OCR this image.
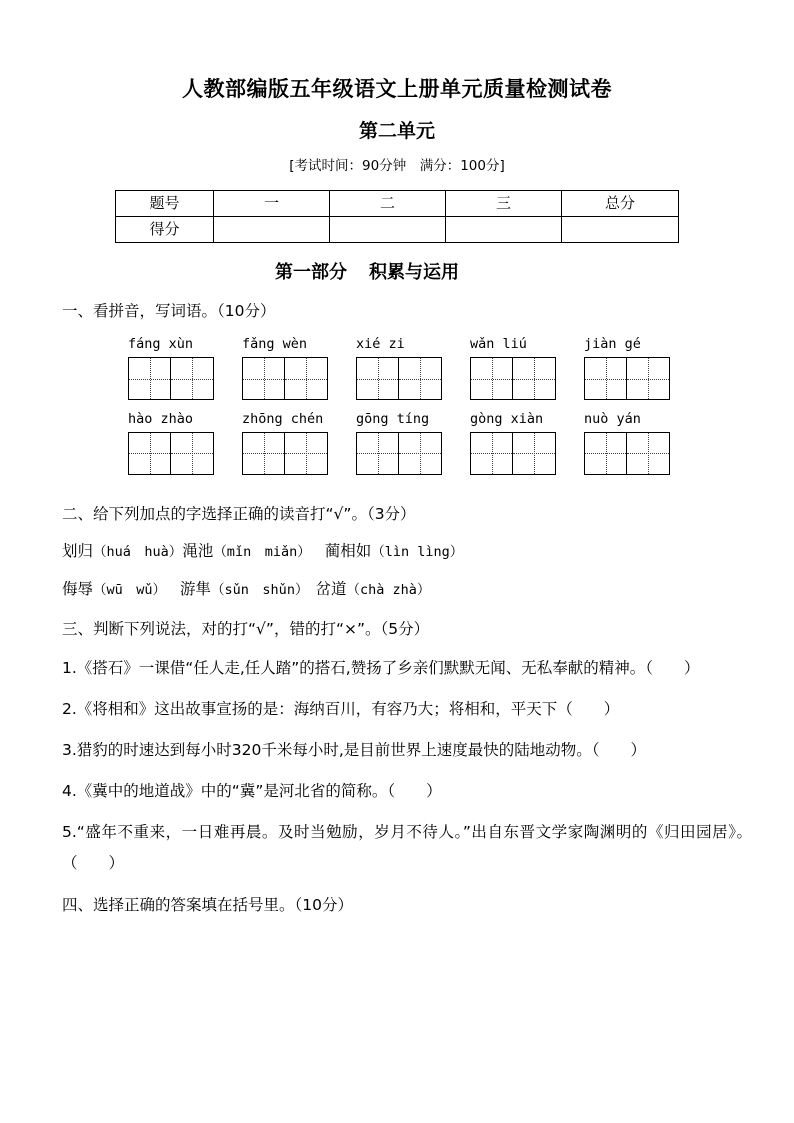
人教部编版五年级语文上册单元质量检测试卷
第二单元

[考试时间：90分钟　满分：100分]

题号	一	二	三	总分
得分				
第一部分 积累与运用

一、看拼音，写词语。（10分）

fáng xùn	fǎng wèn	xié zi	wǎn liú	jiàn gé
hào zhào	zhōng chén	gōng tíng	gòng xiàn	nuò yán

二、给下列加点的字选择正确的读音打“√”。（3分）

划归（huá　huà）渑池（mǐn　miǎn） 蔺相如（lìn lìng）

侮辱（wū　wǔ） 游隼（sǔn　shǔn） 岔道（chà zhà）

三、判断下列说法，对的打“√”，错的打“×”。（5分）

1.《搭石》一课借“任人走,任人踏”的搭石,赞扬了乡亲们默默无闻、无私奉献的精神。（　　）

2.《将相和》这出故事宣扬的是：海纳百川，有容乃大；将相和，平天下（　　）

3.猎豹的时速达到每小时320千米每小时,是目前世界上速度最快的陆地动物。（　　）

4.《冀中的地道战》中的“冀”是河北省的简称。（　　）

5.“盛年不重来，一日难再晨。及时当勉励，岁月不待人。”出自东晋文学家陶渊明的《归田园居》。（　　）

四、选择正确的答案填在括号里。（10分）
